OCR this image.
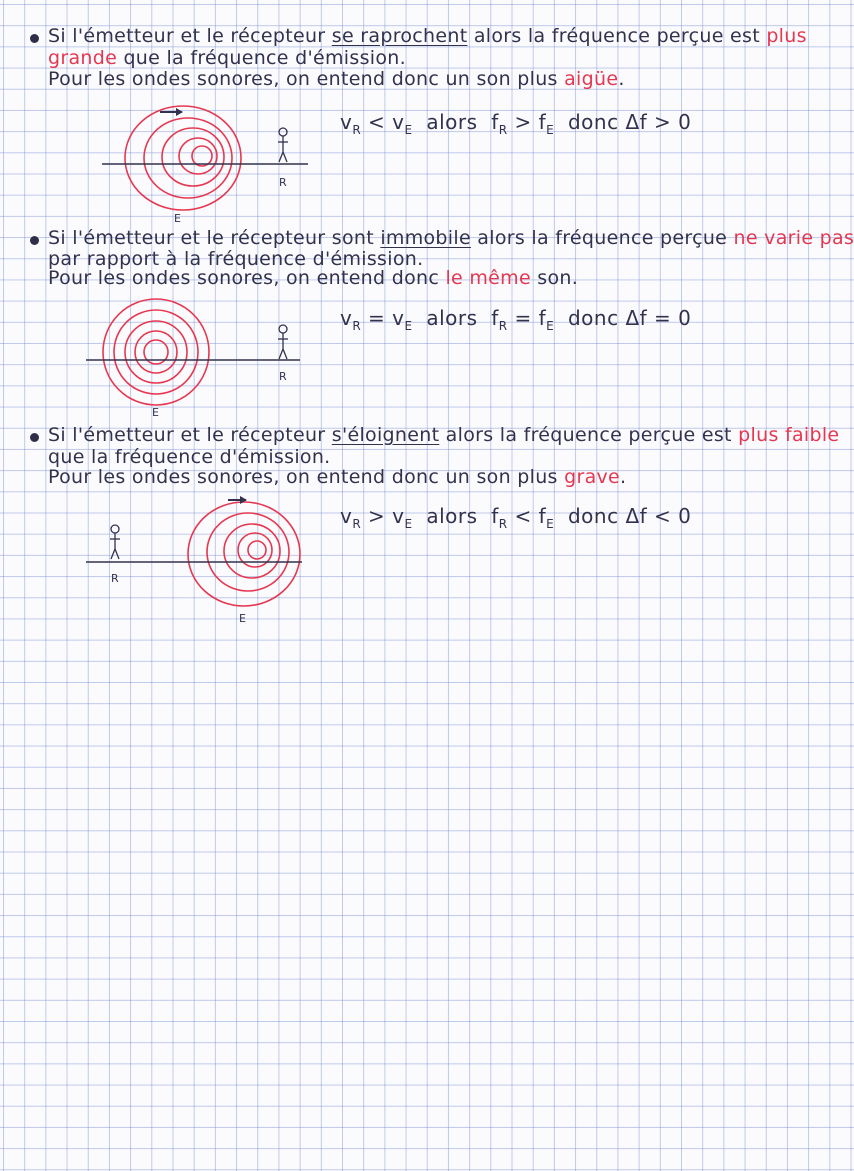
Si l'émetteur et le récepteur se raprochent alors la fréquence perçue est plus
grande que la fréquence d'émission.
Pour les ondes sonores, on entend donc un son plus aigüe.
$v_R < v_E$ alors $f_R > f_E$ donc Δf > 0
R
E
Si l'émetteur et le récepteur sont immobile alors la fréquence perçue ne varie pas
par rapport à la fréquence d'émission.
Pour les ondes sonores, on entend donc le même son.
$v_R = v_E$ alors $f_R = f_E$ donc Δf = 0
R
E
Si l'émetteur et le récepteur s'éloignent alors la fréquence perçue est plus faible
que la fréquence d'émission.
Pour les ondes sonores, on entend donc un son plus grave.
$v_R > v_E$ alors $f_R < f_E$ donc Δf < 0
R
E
